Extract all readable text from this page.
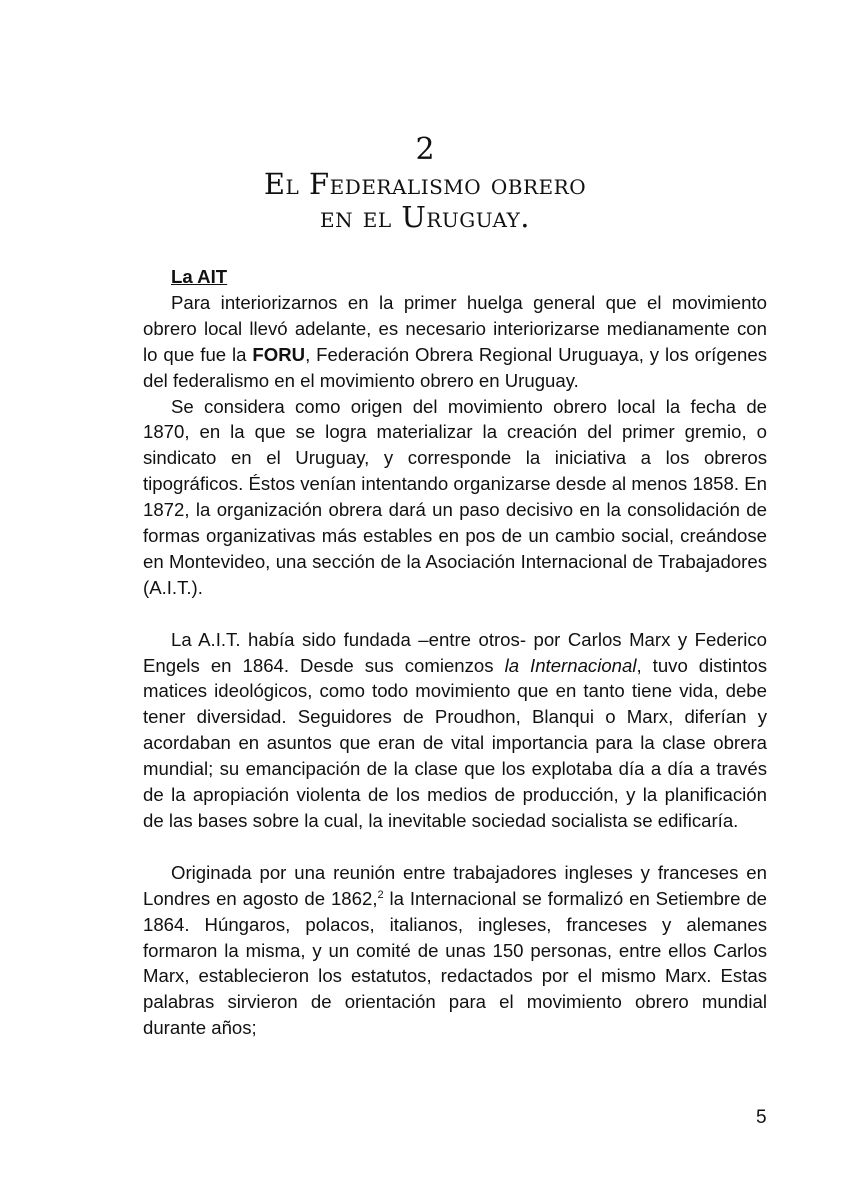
2
El Federalismo obrero
en el Uruguay.

La AIT

Para interiorizarnos en la primer huelga general que el movimiento obrero local llevó adelante, es necesario interiorizarse medianamente con lo que fue la FORU, Federación Obrera Regional Uruguaya, y los orígenes del federalismo en el movimiento obrero en Uruguay.

Se considera como origen del movimiento obrero local la fecha de 1870, en la que se logra materializar la creación del primer gremio, o sindicato en el Uruguay, y corresponde la iniciativa a los obreros tipográficos. Éstos venían intentando organizarse desde al menos 1858. En 1872, la organización obrera dará un paso decisivo en la consolidación de formas organizativas más estables en pos de un cambio social, creándose en Montevideo, una sección de la Asociación Internacional de Trabajadores (A.I.T.).

La A.I.T. había sido fundada –entre otros- por Carlos Marx y Federico Engels en 1864. Desde sus comienzos la Internacional, tuvo distintos matices ideológicos, como todo movimiento que en tanto tiene vida, debe tener diversidad. Seguidores de Proudhon, Blanqui o Marx, diferían y acordaban en asuntos que eran de vital importancia para la clase obrera mundial; su emancipación de la clase que los explotaba día a día a través de la apropiación violenta de los medios de producción, y la planificación de las bases sobre la cual, la inevitable sociedad socialista se edificaría.

Originada por una reunión entre trabajadores ingleses y franceses en Londres en agosto de 1862,$^2$ la Internacional se formalizó en Setiembre de 1864. Húngaros, polacos, italianos, ingleses, franceses y alemanes formaron la misma, y un comité de unas 150 personas, entre ellos Carlos Marx, establecieron los estatutos, redactados por el mismo Marx. Estas palabras sirvieron de orientación para el movimiento obrero mundial durante años;

5
